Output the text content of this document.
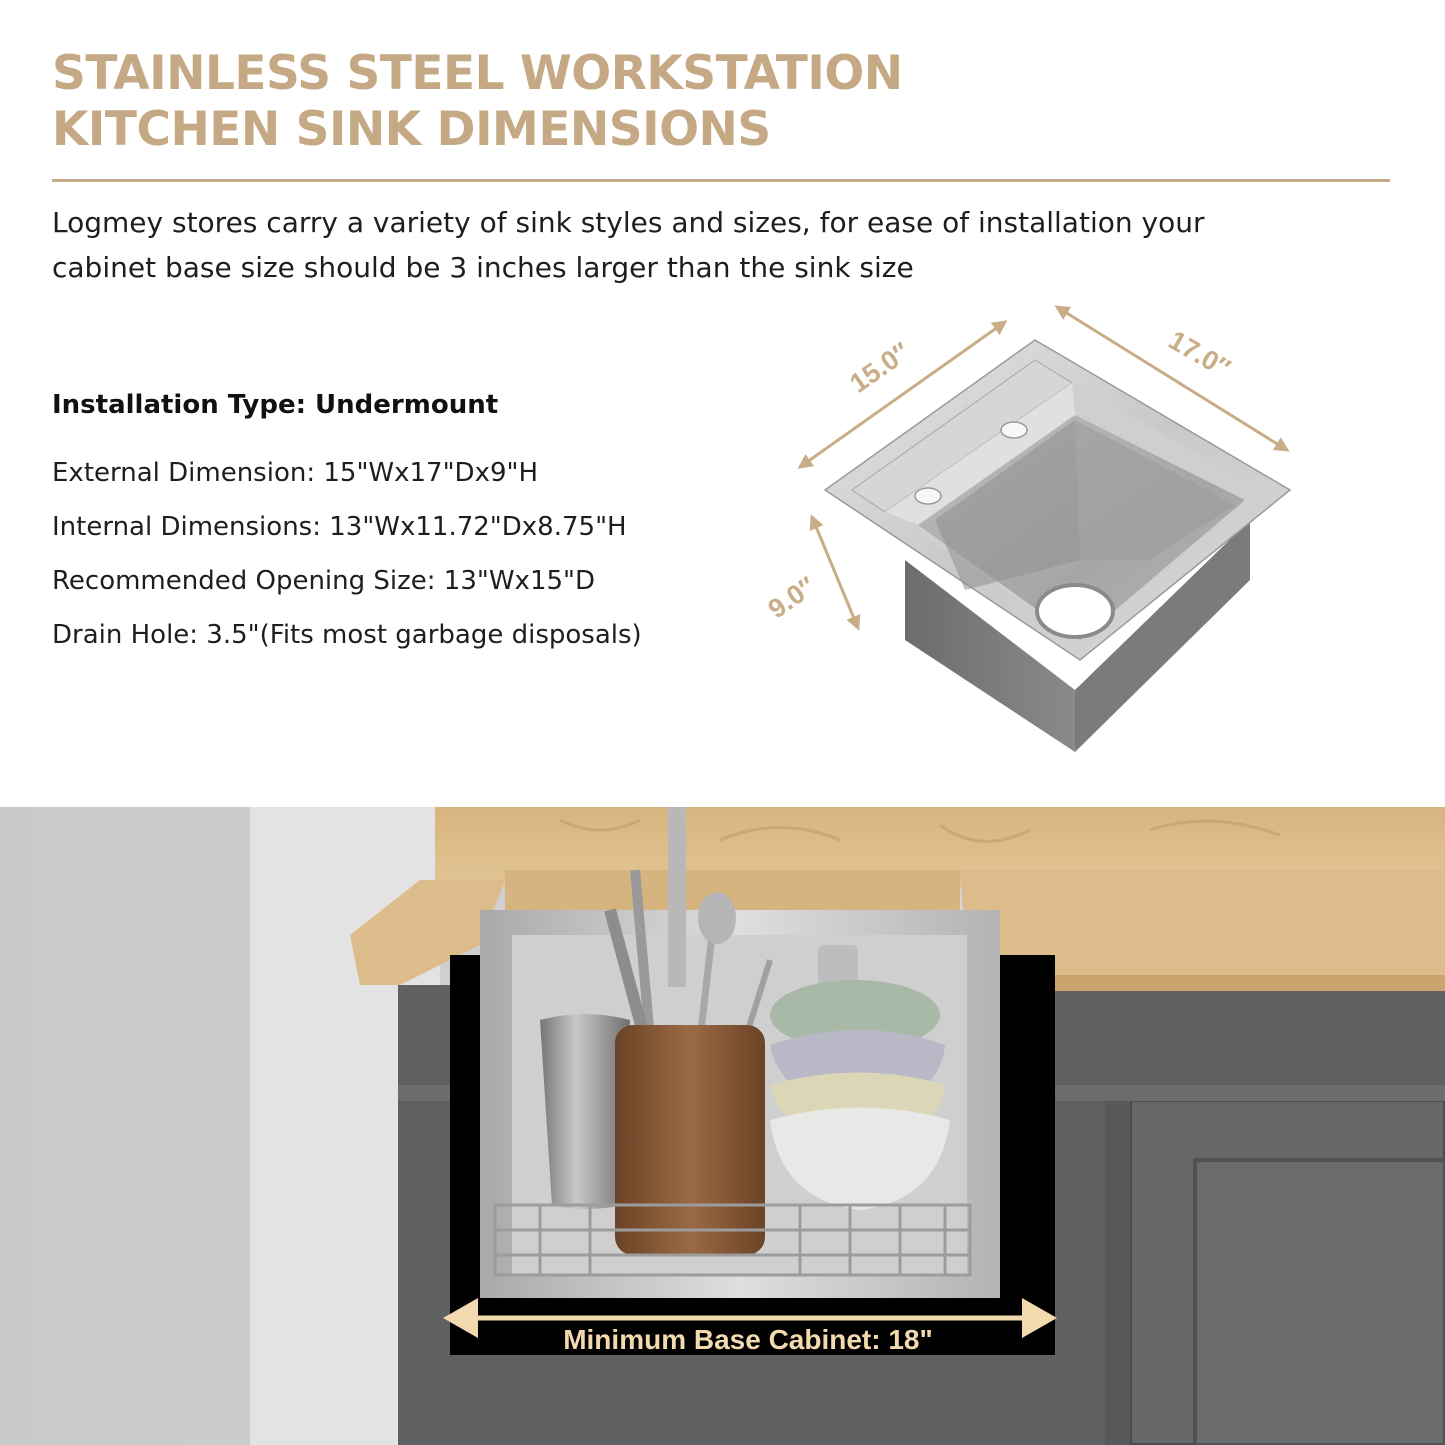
STAINLESS STEEL WORKSTATION
KITCHEN SINK DIMENSIONS

Logmey stores carry a variety of sink styles and sizes, for ease of installation your
cabinet base size should be 3 inches larger than the sink size

Installation Type: Undermount
External Dimension: 15"Wx17"Dx9"H
Internal Dimensions: 13"Wx11.72"Dx8.75"H
Recommended Opening Size: 13"Wx15"D
Drain Hole: 3.5"(Fits most garbage disposals)
15.0″	17.0″
9.0″
Minimum Base Cabinet: 18"
